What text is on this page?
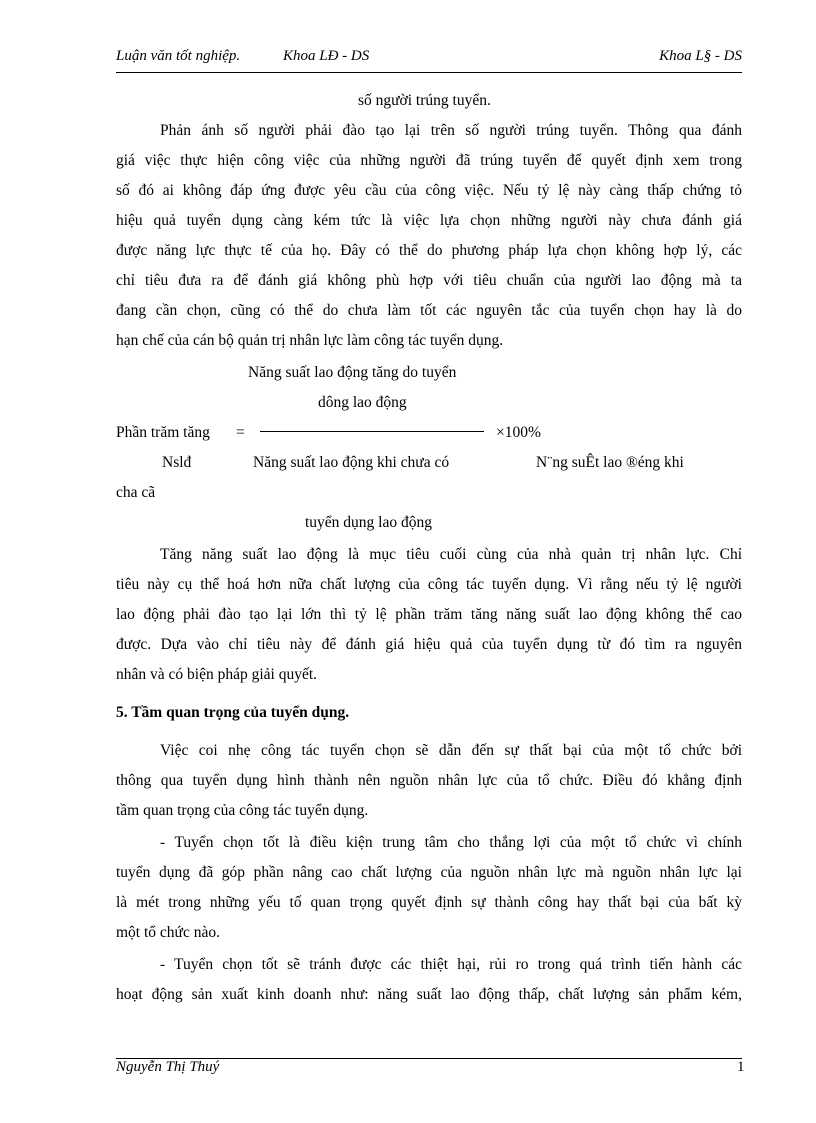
Luận văn tốt nghiệp.	Khoa LĐ - DS	Khoa L§ - DS
số người trúng tuyển.
Phản ánh số người phải đào tạo lại trên số người trúng tuyển. Thông qua đánh
giá việc thực hiện công việc của những người đã trúng tuyển để quyết định xem trong
số đó ai không đáp ứng được yêu cầu của công việc. Nếu tỷ lệ này càng thấp chứng tỏ
hiệu quả tuyển dụng càng kém tức là việc lựa chọn những người này chưa đánh giá
được năng lực thực tế của họ. Đây có thể do phương pháp lựa chọn không hợp lý, các
chỉ tiêu đưa ra để đánh giá không phù hợp với tiêu chuẩn của người lao động mà ta
đang cần chọn, cũng có thể do chưa làm tốt các nguyên tắc của tuyển chọn hay là do
hạn chế của cán bộ quản trị nhân lực làm công tác tuyển dụng.
Năng suất lao động tăng do tuyển
dông lao động
Phần trăm tăng =	×100%
Nslđ	Năng suất lao động khi chưa có	N¨ng suÊt lao ®éng khi
cha cã
tuyển dụng lao động
Tăng năng suất lao động là mục tiêu cuối cùng của nhà quản trị nhân lực. Chỉ
tiêu này cụ thể hoá hơn nữa chất lượng của công tác tuyển dụng. Vì rằng nếu tỷ lệ người
lao động phải đào tạo lại lớn thì tỷ lệ phần trăm tăng năng suất lao động không thể cao
được. Dựa vào chỉ tiêu này để đánh giá hiệu quả của tuyển dụng từ đó tìm ra nguyên
nhân và có biện pháp giải quyết.
5. Tầm quan trọng của tuyển dụng.
Việc coi nhẹ công tác tuyển chọn sẽ dẫn đến sự thất bại của một tổ chức bởi
thông qua tuyển dụng hình thành nên nguồn nhân lực của tổ chức. Điều đó khẳng định
tầm quan trọng của công tác tuyển dụng.
- Tuyển chọn tốt là điều kiện trung tâm cho thắng lợi của một tổ chức vì chính
tuyển dụng đã góp phần nâng cao chất lượng của nguồn nhân lực mà nguồn nhân lực lại
là mét trong những yếu tố quan trọng quyết định sự thành công hay thất bại của bất kỳ
một tổ chức nào.
- Tuyển chọn tốt sẽ tránh được các thiệt hại, rủi ro trong quá trình tiến hành các
hoạt động sản xuất kinh doanh như: năng suất lao động thấp, chất lượng sản phẩm kém,
Nguyễn Thị Thuý	1
